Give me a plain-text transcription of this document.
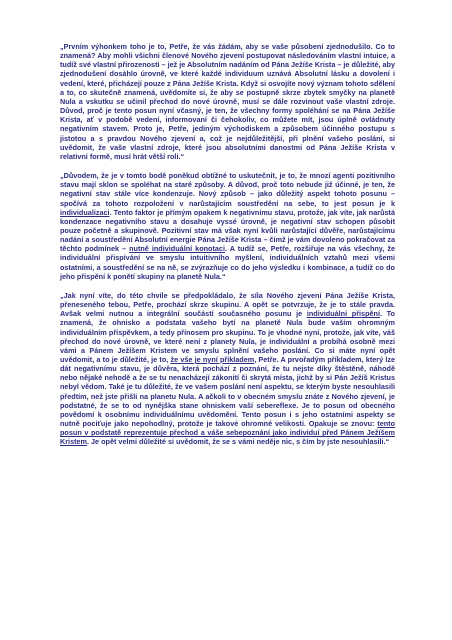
„Prvním výhonkem toho je to, Petře, že vás žádám, aby se vaše působení zjednodušilo. Co to znamená? Aby mohli všichni členové Nového zjevení postupovat následováním vlastní intuice, a tudíž své vlastní přirozenosti – jež je Absolutním nadáním od Pána Ježíše Krista – je důležité, aby zjednodušení dosáhlo úrovně, ve které každé individuum uznává Absolutní lásku a dovolení i vedení, které, přicházejí pouze z Pána Ježíše Krista. Když si osvojíte nový význam tohoto sdělení a to, co skutečně znamená, uvědomíte si, že aby se postupně skrze zbytek smyčky na planetě Nula a vskutku se učinil přechod do nové úrovně, musí se dále rozvinout vaše vlastní zdroje. Důvod, proč je tento posun nyní včasný, je ten, že všechny formy spoléhání se na Pána Ježíše Krista, ať v podobě vedení, informovaní či čehokoliv, co můžete mít, jsou úplně ovládnuty negativním stavem. Proto je, Petře, jediným východiskem a způsobem účinného postupu s jistotou a s pravdou Nového zjevení a, což je nejdůležitější, při plnění vašeho poslání, si uvědomit, že vaše vlastní zdroje, které jsou absolutními danostmi od Pána Ježíše Krista v relativní formě, musí hrát větší roli.“

„Důvodem, že je v tomto bodě poněkud obtížné to uskutečnit, je to, že mnozí agenti pozitivního stavu mají sklon se spoléhat na staré způsoby. A důvod, proč toto nebude již účinné, je ten, že negativní stav stále více kondenzuje. Nový způsob – jako důležitý aspekt tohoto posunu – spočívá za tohoto rozpoložení v narůstajícím soustředění na sebe, to jest posun je k individualizaci. Tento faktor je přímým opakem k negativnímu stavu, protože, jak víte, jak narůstá kondenzace negativního stavu a dosahuje vyssé úrovně, je negativní stav schopen působit pouze početně a skupinově. Pozitivní stav má však nyní kvůli narůstající důvěře, narůstajícímu nadání a soustředění Absolutní energie Pána Ježíše Krista – čímž je vám dovoleno pokračovat za těchto podmínek – nutně individuální konotaci. A tudíž se, Petře, rozšiřuje na vás všechny, že individuální přispívání ve smyslu intuitivního myšlení, individuálních vztahů mezi všemi ostatními, a soustředění se na ně, se zvýrazňuje co do jeho výsledku i kombinace, a tudíž co do jeho přispění k ponětí skupiny na planetě Nula.“

„Jak nyní víte, do této chvíle se předpokládalo, že síla Nového zjevení Pána Ježíše Krista, přeneseného tebou, Petře, prochází skrze skupinu. A opět se potvrzuje, že je to stále pravda. Avšak velmi nutnou a integrální součástí současného posunu je individuální přispění. To znamená, že ohnisko a podstata vašeho bytí na planetě Nula bude vaším ohromným individuálním příspěvkem, a tedy přínosem pro skupinu. To je vhodné nyní, protože, jak víte, váš přechod do nové úrovně, ve které není z planety Nula, je individuální a probíhá osobně mezi vámi a Pánem Ježíšem Kristem ve smyslu splnění vašeho poslání. Co si máte nyní opět uvědomit, a to je důležité, je to, že vše je nyní příkladem, Petře. A prvořadým příkladem, který lze dát negativnímu stavu, je důvěra, která pochází z poznání, že tu nejste díky štěstěně, náhodě nebo nějaké nehodě a že se tu nenacházejí zákonití či skrytá místa, jichž by si Pán Ježíš Kristus nebyl vědom. Také je tu důležité, že ve vašem poslání není aspektu, se kterým byste nesouhlasili předtím, než jste přišli na planetu Nula. A ačkoli to v obecném smyslu znáte z Nového zjevení, je podstatné, že se to od nynějška stane ohniskem vaší sebereflexe. Je to posun od obecného povědomí k osobnímu individuálnímu uvědomění. Tento posun i s jeho ostatními aspekty se nutně pociťuje jako nepohodlný, protože je takové ohromné velikosti. Opakuje se znovu: tento posun v podstatě reprezentuje přechod a váše sebepoznání jako individuí před Pánem Ježíšem Kristem. Je opět velmi důležité si uvědomit, že se s vámi neděje nic, s čím by jste nesouhlasili.“
